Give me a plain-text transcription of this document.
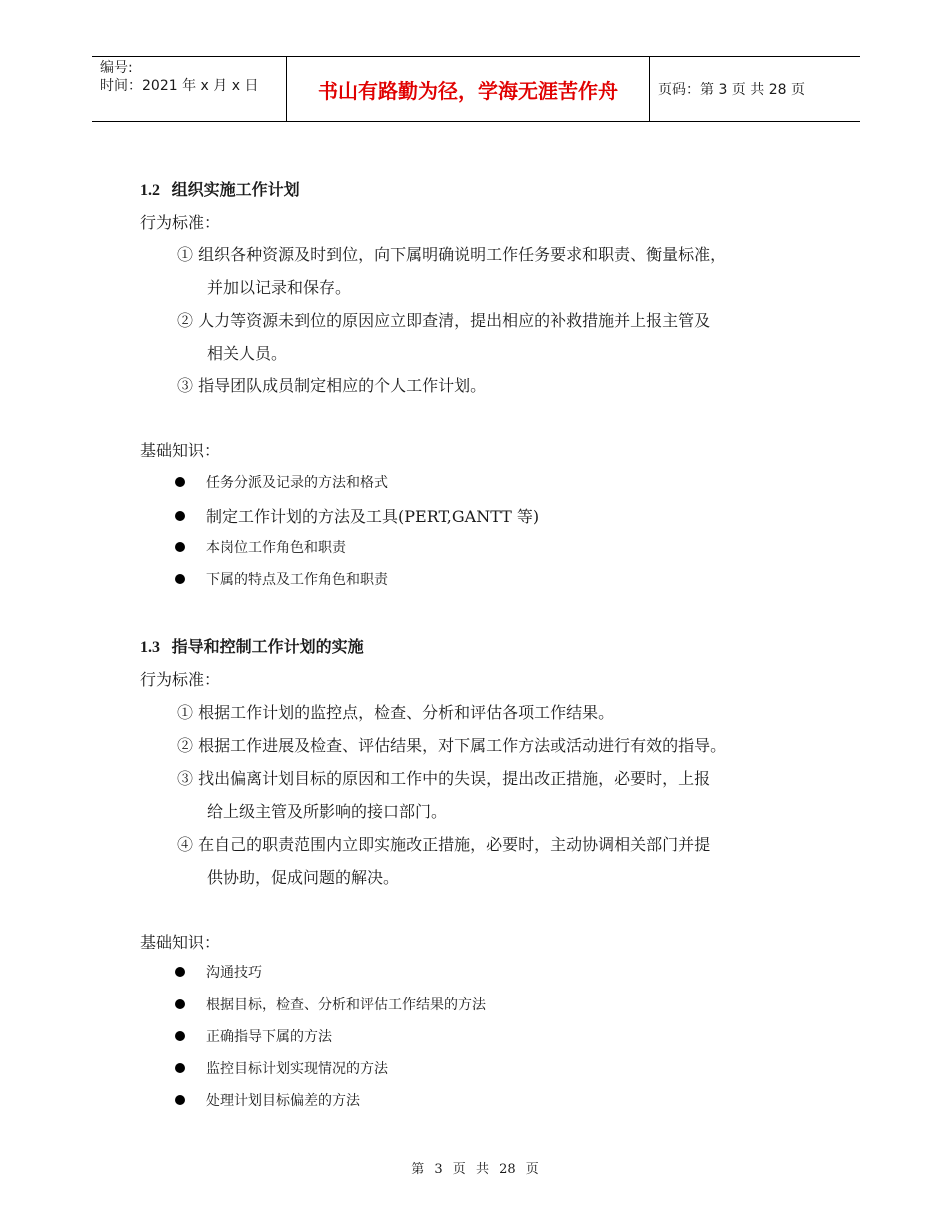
编号:
时间：2021 年 x 月 x 日	书山有路勤为径，学海无涯苦作舟	页码：第 3 页 共 28 页
1.2 组织实施工作计划
行为标准：
① 组织各种资源及时到位，向下属明确说明工作任务要求和职责、衡量标准，
并加以记录和保存。
② 人力等资源未到位的原因应立即查清，提出相应的补救措施并上报主管及
相关人员。
③ 指导团队成员制定相应的个人工作计划。
基础知识：
任务分派及记录的方法和格式
制定工作计划的方法及工具(PERT,GANTT 等)
本岗位工作角色和职责
下属的特点及工作角色和职责
1.3 指导和控制工作计划的实施
行为标准：
① 根据工作计划的监控点，检查、分析和评估各项工作结果。
② 根据工作进展及检查、评估结果，对下属工作方法或活动进行有效的指导。
③ 找出偏离计划目标的原因和工作中的失误，提出改正措施，必要时，上报
给上级主管及所影响的接口部门。
④ 在自己的职责范围内立即实施改正措施，必要时，主动协调相关部门并提
供协助，促成问题的解决。
基础知识：
沟通技巧
根据目标，检查、分析和评估工作结果的方法
正确指导下属的方法
监控目标计划实现情况的方法
处理计划目标偏差的方法
第 3 页 共 28 页
